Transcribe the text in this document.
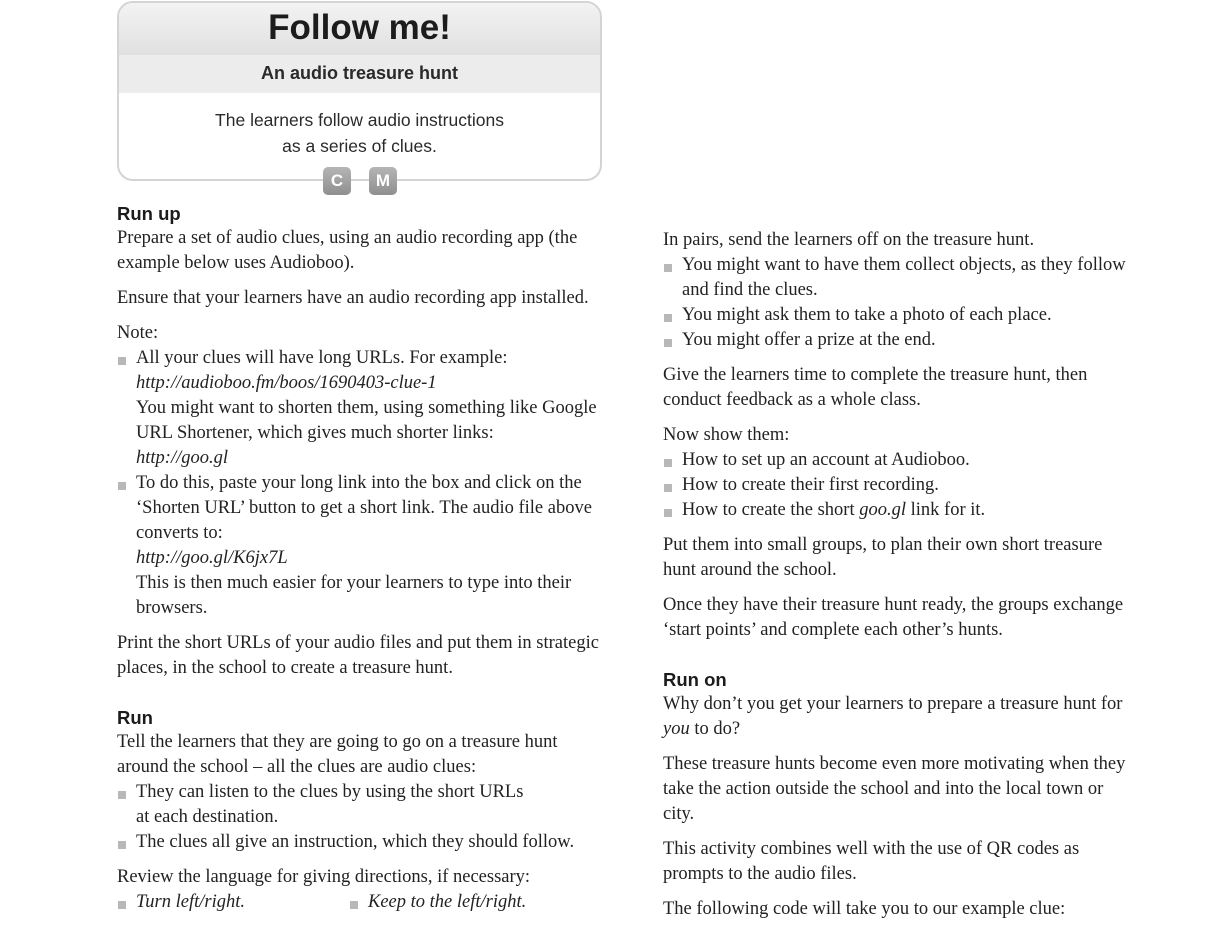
Follow me!
An audio treasure hunt
The learners follow audio instructions
as a series of clues.
C	M
Run up

Prepare a set of audio clues, using an audio recording app (the example below uses Audioboo).

Ensure that your learners have an audio recording app installed.

Note:

All your clues will have long URLs. For example:
http://audioboo.fm/boos/1690403-clue-1
You might want to shorten them, using something like Google URL Shortener, which gives much shorter links:
http://goo.gl
To do this, paste your long link into the box and click on the ‘Shorten URL’ button to get a short link. The audio file above converts to:
http://goo.gl/K6jx7L
This is then much easier for your learners to type into their browsers.

Print the short URLs of your audio files and put them in strategic places, in the school to create a treasure hunt.

Run

Tell the learners that they are going to go on a treasure hunt around the school – all the clues are audio clues:

They can listen to the clues by using the short URLs
at each destination.
The clues all give an instruction, which they should follow.

Review the language for giving directions, if necessary:

Turn left/right.	Keep to the left/right.

In pairs, send the learners off on the treasure hunt.

You might want to have them collect objects, as they follow and find the clues.
You might ask them to take a photo of each place.
You might offer a prize at the end.

Give the learners time to complete the treasure hunt, then conduct feedback as a whole class.

Now show them:

How to set up an account at Audioboo.
How to create their first recording.
How to create the short goo.gl link for it.

Put them into small groups, to plan their own short treasure hunt around the school.

Once they have their treasure hunt ready, the groups exchange ‘start points’ and complete each other’s hunts.

Run on

Why don’t you get your learners to prepare a treasure hunt for you to do?

These treasure hunts become even more motivating when they take the action outside the school and into the local town or city.

This activity combines well with the use of QR codes as prompts to the audio files.

The following code will take you to our example clue:
